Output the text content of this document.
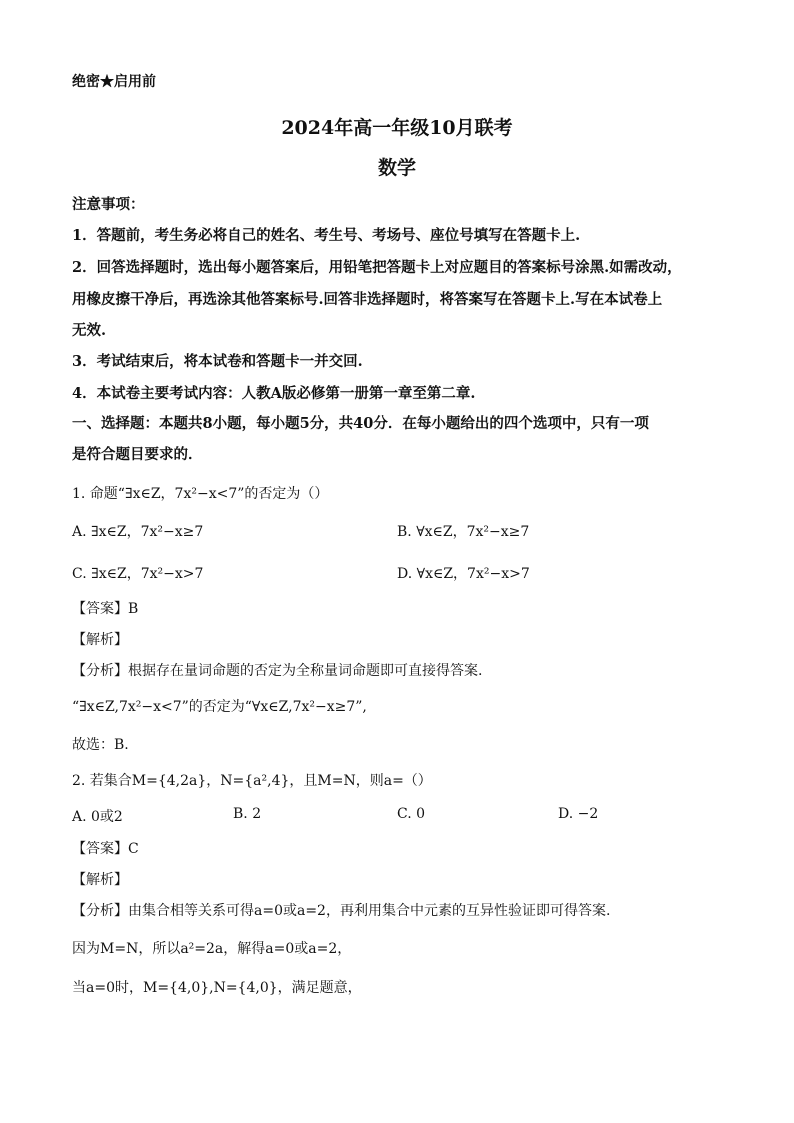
绝密★启用前
2024年高一年级10月联考
数学
注意事项：
1．答题前，考生务必将自己的姓名、考生号、考场号、座位号填写在答题卡上.
2．回答选择题时，选出每小题答案后，用铅笔把答题卡上对应题目的答案标号涂黑.如需改动，
用橡皮擦干净后，再选涂其他答案标号.回答非选择题时，将答案写在答题卡上.写在本试卷上
无效.
3．考试结束后，将本试卷和答题卡一并交回.
4．本试卷主要考试内容：人教A版必修第一册第一章至第二章.
一、选择题：本题共8小题，每小题5分，共40分．在每小题给出的四个选项中，只有一项
是符合题目要求的．
1. 命题“∃x∈Z，7x²−x<7”的否定为（）
A. ∃x∈Z，7x²−x≥7	B. ∀x∈Z，7x²−x≥7
C. ∃x∈Z，7x²−x>7	D. ∀x∈Z，7x²−x>7
【答案】B
【解析】
【分析】根据存在量词命题的否定为全称量词命题即可直接得答案.
“∃x∈Z,7x²−x<7”的否定为“∀x∈Z,7x²−x≥7”,
故选：B.
2. 若集合M={4,2a}，N={a²,4}，且M=N，则a=（）
A. 0或2	B. 2	C. 0	D. −2
【答案】C
【解析】
【分析】由集合相等关系可得a=0或a=2，再利用集合中元素的互异性验证即可得答案.
因为M=N，所以a²=2a，解得a=0或a=2，
当a=0时，M={4,0},N={4,0}，满足题意，
